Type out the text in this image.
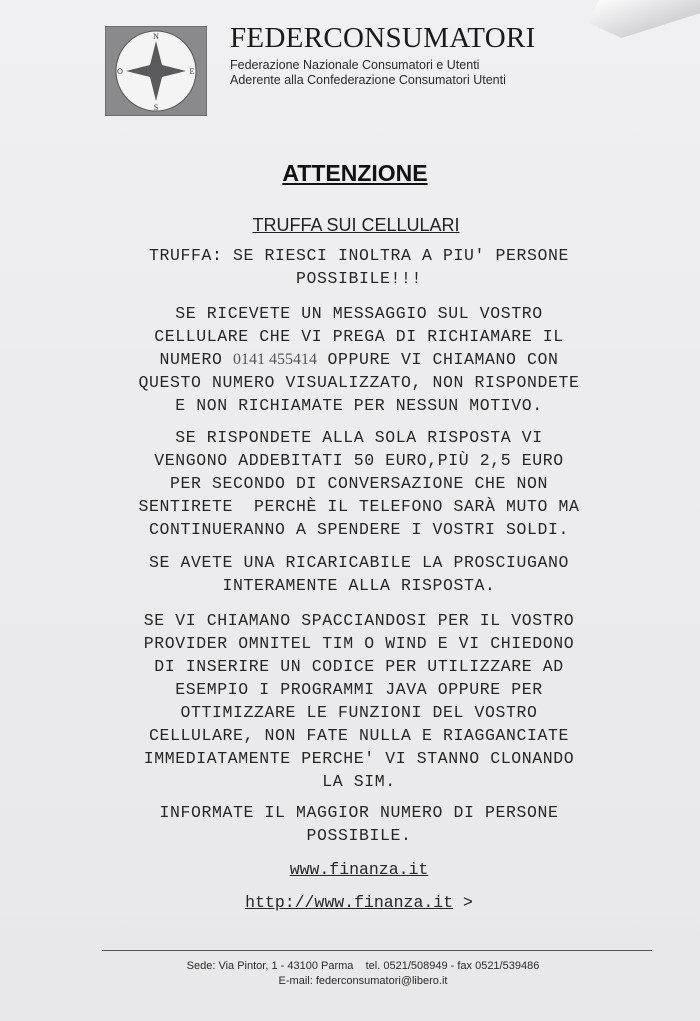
N
S
E
O
FEDERCONSUMATORI
Federazione Nazionale Consumatori e Utenti
Aderente alla Confederazione Consumatori Utenti
ATTENZIONE
TRUFFA SUI CELLULARI
TRUFFA: SE RIESCI INOLTRA A PIU' PERSONE
POSSIBILE!!!
SE RICEVETE UN MESSAGGIO SUL VOSTRO
CELLULARE CHE VI PREGA DI RICHIAMARE IL
NUMERO 0141 455414 OPPURE VI CHIAMANO CON
QUESTO NUMERO VISUALIZZATO, NON RISPONDETE
E NON RICHIAMATE PER NESSUN MOTIVO.
SE RISPONDETE ALLA SOLA RISPOSTA VI
VENGONO ADDEBITATI 50 EURO,PIÙ 2,5 EURO
PER SECONDO DI CONVERSAZIONE CHE NON
SENTIRETE  PERCHÈ IL TELEFONO SARÀ MUTO MA
CONTINUERANNO A SPENDERE I VOSTRI SOLDI.
SE AVETE UNA RICARICABILE LA PROSCIUGANO
INTERAMENTE ALLA RISPOSTA.
SE VI CHIAMANO SPACCIANDOSI PER IL VOSTRO
PROVIDER OMNITEL TIM O WIND E VI CHIEDONO
DI INSERIRE UN CODICE PER UTILIZZARE AD
ESEMPIO I PROGRAMMI JAVA OPPURE PER
OTTIMIZZARE LE FUNZIONI DEL VOSTRO
CELLULARE, NON FATE NULLA E RIAGGANCIATE
IMMEDIATAMENTE PERCHE' VI STANNO CLONANDO
LA SIM.
INFORMATE IL MAGGIOR NUMERO DI PERSONE
POSSIBILE.
www.finanza.it
http://www.finanza.it >
Sede: Via Pintor, 1 - 43100 Parma    tel. 0521/508949 - fax 0521/539486
E-mail: federconsumatori@libero.it
